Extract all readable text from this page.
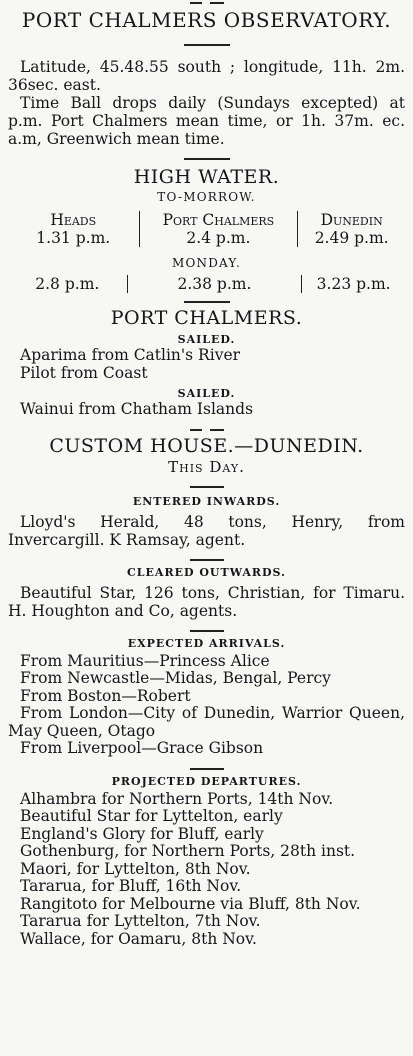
PORT CHALMERS OBSERVATORY.
Latitude, 45.48.55 south ; longitude, 11h. 2m. 36sec. east.
Time Ball drops daily (Sundays excepted) at p.m. Port Chalmers mean time, or 1h. 37m. ec. a.m, Greenwich mean time.
HIGH WATER.
TO-MORROW.
Heads	Port Chalmers	Dunedin
1.31 p.m.	2.4 p.m.	2.49 p.m.
MONDAY.
2.8 p.m.	2.38 p.m.	3.23 p.m.
PORT CHALMERS.
SAILED.
Aparima from Catlin's River
Pilot from Coast
SAILED.
Wainui from Chatham Islands
CUSTOM HOUSE.—DUNEDIN.
This Day.
ENTERED INWARDS.
Lloyd's Herald, 48 tons, Henry, from Invercargill. K Ramsay, agent.
CLEARED OUTWARDS.
Beautiful Star, 126 tons, Christian, for Timaru. H. Houghton and Co, agents.
EXPECTED ARRIVALS.
From Mauritius—Princess Alice
From Newcastle—Midas, Bengal, Percy
From Boston—Robert
From London—City of Dunedin, Warrior Queen, May Queen, Otago
From Liverpool—Grace Gibson
PROJECTED DEPARTURES.
Alhambra for Northern Ports, 14th Nov.
Beautiful Star for Lyttelton, early
England's Glory for Bluff, early
Gothenburg, for Northern Ports, 28th inst.
Maori, for Lyttelton, 8th Nov.
Tararua, for Bluff, 16th Nov.
Rangitoto for Melbourne via Bluff, 8th Nov.
Tararua for Lyttelton, 7th Nov.
Wallace, for Oamaru, 8th Nov.
